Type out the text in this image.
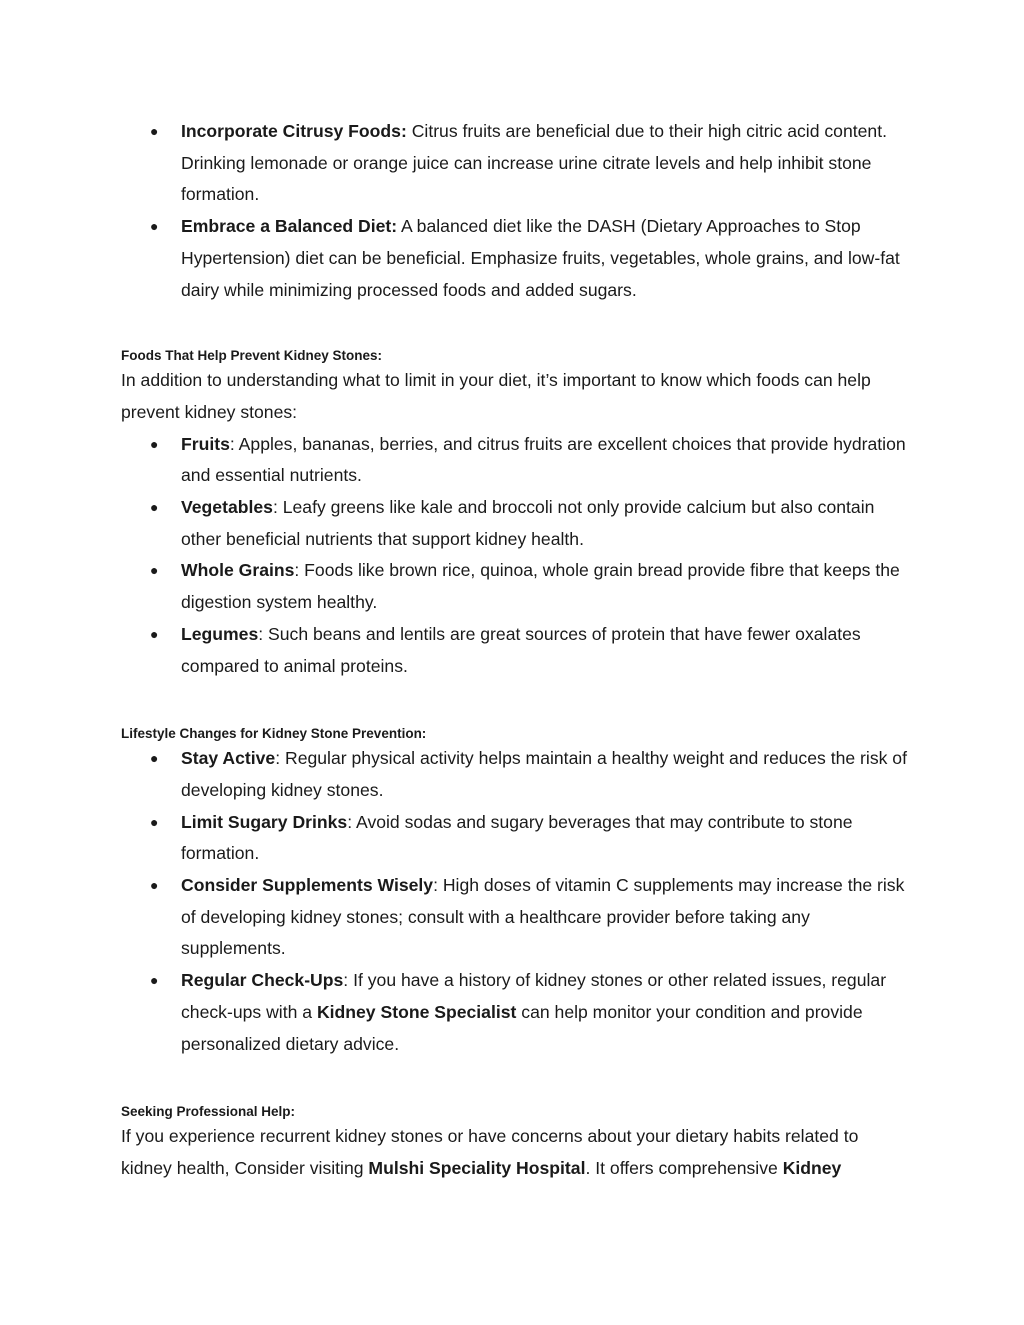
● Incorporate Citrusy Foods: Citrus fruits are beneficial due to their high citric acid content. Drinking lemonade or orange juice can increase urine citrate levels and help inhibit stone formation.
● Embrace a Balanced Diet: A balanced diet like the DASH (Dietary Approaches to Stop Hypertension) diet can be beneficial. Emphasize fruits, vegetables, whole grains, and low-fat dairy while minimizing processed foods and added sugars.

Foods That Help Prevent Kidney Stones:

In addition to understanding what to limit in your diet, it’s important to know which foods can help prevent kidney stones:

● Fruits: Apples, bananas, berries, and citrus fruits are excellent choices that provide hydration and essential nutrients.
● Vegetables: Leafy greens like kale and broccoli not only provide calcium but also contain other beneficial nutrients that support kidney health.
● Whole Grains: Foods like brown rice, quinoa, whole grain bread provide fibre that keeps the digestion system healthy.
● Legumes: Such beans and lentils are great sources of protein that have fewer oxalates compared to animal proteins.

Lifestyle Changes for Kidney Stone Prevention:

● Stay Active: Regular physical activity helps maintain a healthy weight and reduces the risk of developing kidney stones.
● Limit Sugary Drinks: Avoid sodas and sugary beverages that may contribute to stone formation.
● Consider Supplements Wisely: High doses of vitamin C supplements may increase the risk of developing kidney stones; consult with a healthcare provider before taking any supplements.
● Regular Check-Ups: If you have a history of kidney stones or other related issues, regular check-ups with a Kidney Stone Specialist can help monitor your condition and provide personalized dietary advice.

Seeking Professional Help:

If you experience recurrent kidney stones or have concerns about your dietary habits related to kidney health, Consider visiting Mulshi Speciality Hospital. It offers comprehensive Kidney
